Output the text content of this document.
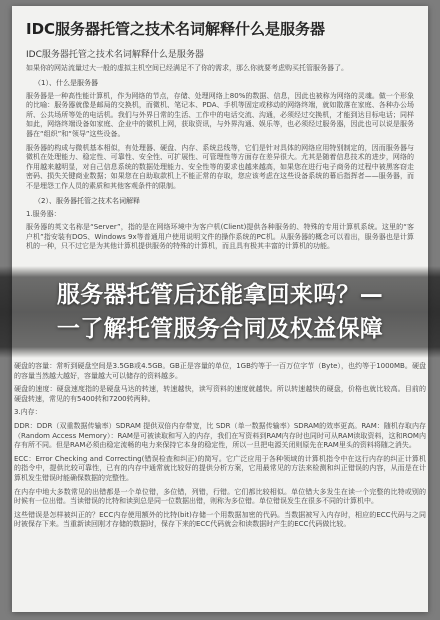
IDC服务器托管之技术名词解释什么是服务器
IDC服务器托管之技术名词解释什么是服务器
如果你的网站流量过大一般的虚拟主机空间已经满足不了你的需求，那么你就要考虑购买托管服务器了。
（1）、什么是服务器
服务器是一种高性能计算机，作为网络的节点，存储、处理网络上80%的数据、信息，因此也被称为网络的灵魂。做一个形象的比喻：服务器就像是邮局的交换机，而微机、笔记本、PDA、手机等固定或移动的网络终端，就如散落在家庭、各种办公场所、公共场所等处的电话机。我们与外界日常的生活、工作中的电话交流、沟通，必须经过交换机，才能到达目标电话；同样如此，网络终端设备如家庭、企业中的微机上网，获取资讯，与外界沟通、娱乐等，也必须经过服务器，因此也可以说是服务器在“组织”和“领导”这些设备。
服务器的构成与微机基本相似，有处理器、硬盘、内存、系统总线等，它们是针对具体的网络应用特别制定的，因而服务器与微机在处理能力、稳定性、可靠性、安全性、可扩展性、可管理性等方面存在差异很大。尤其是随着信息技术的进步，网络的作用越来越明显，对自己信息系统的数据处理能力、安全性等的要求也越来越高，如果您在进行电子商务的过程中被黑客窃走密码、损失关键商业数据；如果您在自助取款机上不能正常的存取，您应该考虑在这些设备系统的幕后指挥者——服务器，而不是埋怨工作人员的素质和其他客观条件的限制。
（2）、服务器托管之技术名词解释
1.服务器：
服务器的英文名称是“Server”，指的是在网络环境中为客户机(Client)提供各种服务的、特殊的专用计算机系统。这里的“客户机”指安装有DOS、Windows 9x等普通用户使用说明文件的操作系统的PC机。从服务器的概念可以看出，服务器也是计算机的一种，只不过它是为其他计算机提供服务的特殊的计算机，而且具有极其丰富的计算机的功能。
硬盘的容量：常听到硬盘空间是3.5GB或4.5GB。GB正是容量的单位，1GB约等于一百万位字节（Byte），也约等于1000MB。硬盘的容量当然越大越好，容量越大可以储存的资料越多。
硬盘的速度：硬盘速度指的是硬盘马达的转速，转速越快，读写资料的速度就越快。所以转速越快的硬盘，价格也就比较高。目前的硬盘转速，常见的有5400转和7200转两种。
3.内存：
DDR：DDR（双重数据传输率）SDRAM 提供双倍内存带宽，比 SDR（单一数据传输率）SDRAM的效率更高。RAM：随机存取内存（Random Access Memory）：RAM是可被读取和写入的内存，我们在写资料到RAM内存时也同时可从RAM读取资料，这和ROM内存有所不同。但是RAM必须由稳定流畅的电力来保持它本身的稳定性，所以一旦把电源关闭则原先在RAM里头的资料将随之消失。
ECC：Error Checking and Correcting(错误检查和纠正)的简写。它广泛应用于各种领域的计算机指令中在这行内存的纠正计算机的指令中，提供比较可靠性，已有的内存中通常就比较好的提供分析方案，它用最常见的方法来检测和纠正错误的内容，从而是在计算机发生错误时能确保数据的完整性。
在内存中地大多数常见的出错都是一个单位错，多位错，列错，行错。它们都比较相似。单位错大多发生在读一个完整的比特或别的时候有一位出错。当读错误的比特和读到总是同一位数据出错，则称为多位错。单位错误发生在很多不同的计算机中。
这些错误是怎样被纠正的？ECC内存使用额外的比特(bit)存储一个用数据加密的代码。当数据被写入内存时，相应的ECC代码与之同时被保存下来。当重新读回刚才存储的数据时，保存下来的ECC代码就会和读数据时产生的ECC代码做比较。
服务器托管后还能拿回来吗？—
一了解托管服务合同及权益保障
